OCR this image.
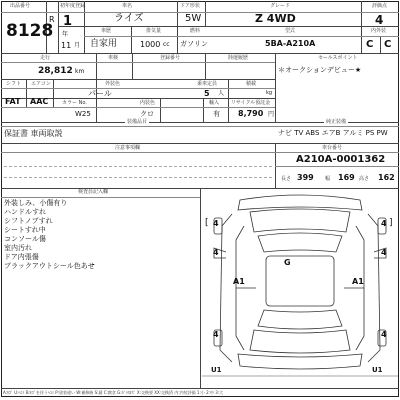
出品番号
8128
初年度登録
R 1
年
11 月
車名
ライズ
ドア形状
5W
グレード
Z 4WD
評価点
4
車歴
自家用
排気量
1000 cc
燃料
ガソリン
型式
5BA-A210A
内外装
C C
走行
28,812 km
車検	登録番号	陸運履歴	セールスポイント
＊オークションデビュー★
シフト エアコン	外装色	乗車定員	積載
FAT AAC
パール	5 人	kg
カラー No.	内装色	輸入 リサイクル預託金
W25	クロ	有 8,790 円
装備品目	純正装備
保証書 車両取説	ナビ TV ABS エアB アルミ PS PW
注意事項欄	車台番号
A210A-0001362
長さ 399 幅 169 高さ 162
検査員記入欄
外装しみ、小傷有り
ハンドルすれ
シフトノブすれ
シートすれ中
コンソール傷
室内汚れ
ドア内張傷
ブラックアウトシール色あせ
[ 4	4 ]
4	4
A1
G
A1
4	4
U1	U1
A:ｷｽﾞ U:ﾍｺﾐ B:ｷｽﾞを伴うﾍｺﾐ P:塗装違い W:補修跡 S:錆 C:腐食 G:ｶﾞﾗｽｷｽﾞ X:交換要 XX:交換済 内:内装評価 1:小 2:中 3:大
